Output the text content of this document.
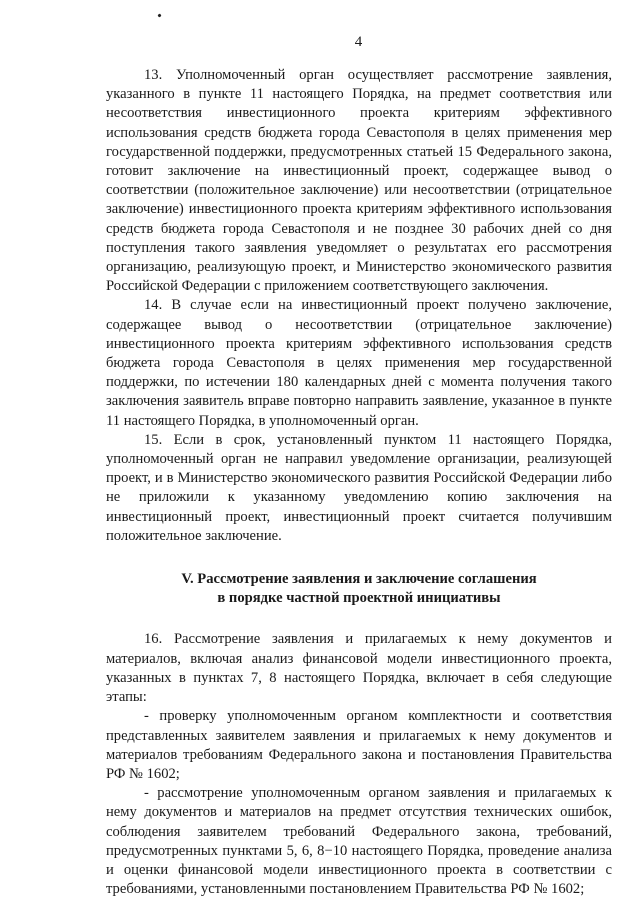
4

13. Уполномоченный орган осуществляет рассмотрение заявления, указанного в пункте 11 настоящего Порядка, на предмет соответствия или несоответствия инвестиционного проекта критериям эффективного использования средств бюджета города Севастополя в целях применения мер государственной поддержки, предусмотренных статьей 15 Федерального закона, готовит заключение на инвестиционный проект, содержащее вывод о соответствии (положительное заключение) или несоответствии (отрицательное заключение) инвестиционного проекта критериям эффективного использования средств бюджета города Севастополя и не позднее 30 рабочих дней со дня поступления такого заявления уведомляет о результатах его рассмотрения организацию, реализующую проект, и Министерство экономического развития Российской Федерации с приложением соответствующего заключения.

14. В случае если на инвестиционный проект получено заключение, содержащее вывод о несоответствии (отрицательное заключение) инвестиционного проекта критериям эффективного использования средств бюджета города Севастополя в целях применения мер государственной поддержки, по истечении 180 календарных дней с момента получения такого заключения заявитель вправе повторно направить заявление, указанное в пункте 11 настоящего Порядка, в уполномоченный орган.

15. Если в срок, установленный пунктом 11 настоящего Порядка, уполномоченный орган не направил уведомление организации, реализующей проект, и в Министерство экономического развития Российской Федерации либо не приложили к указанному уведомлению копию заключения на инвестиционный проект, инвестиционный проект считается получившим положительное заключение.

V. Рассмотрение заявления и заключение соглашения
в порядке частной проектной инициативы

16. Рассмотрение заявления и прилагаемых к нему документов и материалов, включая анализ финансовой модели инвестиционного проекта, указанных в пунктах 7, 8 настоящего Порядка, включает в себя следующие этапы:

- проверку уполномоченным органом комплектности и соответствия представленных заявителем заявления и прилагаемых к нему документов и материалов требованиям Федерального закона и постановления Правительства РФ № 1602;

- рассмотрение уполномоченным органом заявления и прилагаемых к нему документов и материалов на предмет отсутствия технических ошибок, соблюдения заявителем требований Федерального закона, требований, предусмотренных пунктами 5, 6, 8−10 настоящего Порядка, проведение анализа и оценки финансовой модели инвестиционного проекта в соответствии с требованиями, установленными постановлением Правительства РФ № 1602;
